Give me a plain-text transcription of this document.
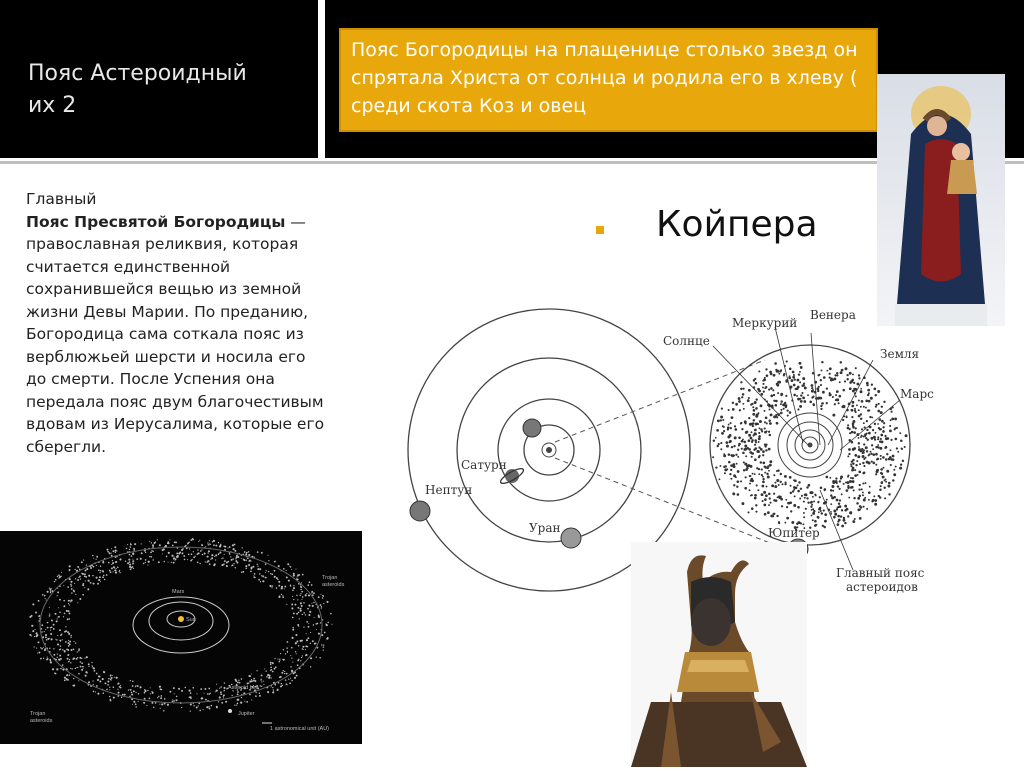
Пояс Астероидный
их 2
Пояс Богородицы на плащенице столько звезд он спрятала Христа от солнца и родила его в хлеву ( среди скота Коз и овец
Главный
Пояс Пресвятой Богородицы — православная реликвия, которая считается единственной сохранившейся вещью из земной жизни Девы Марии. По преданию, Богородица сама соткала пояс из верблюжьей шерсти и носила его до смерти. После Успения она передала пояс двум благочестивым вдовам из Иерусалима, которые его сберегли.
Койпера
Меркурий
Венера
Солнце
Земля
Марс
Сатурн
Нептун
Уран	Юпитер
Главный пояс
астероидов
Mars
Sun
Trojan
asteroids
Asteroid belt
Trojan
asteroids
Jupiter
1 astronomical unit (AU)
